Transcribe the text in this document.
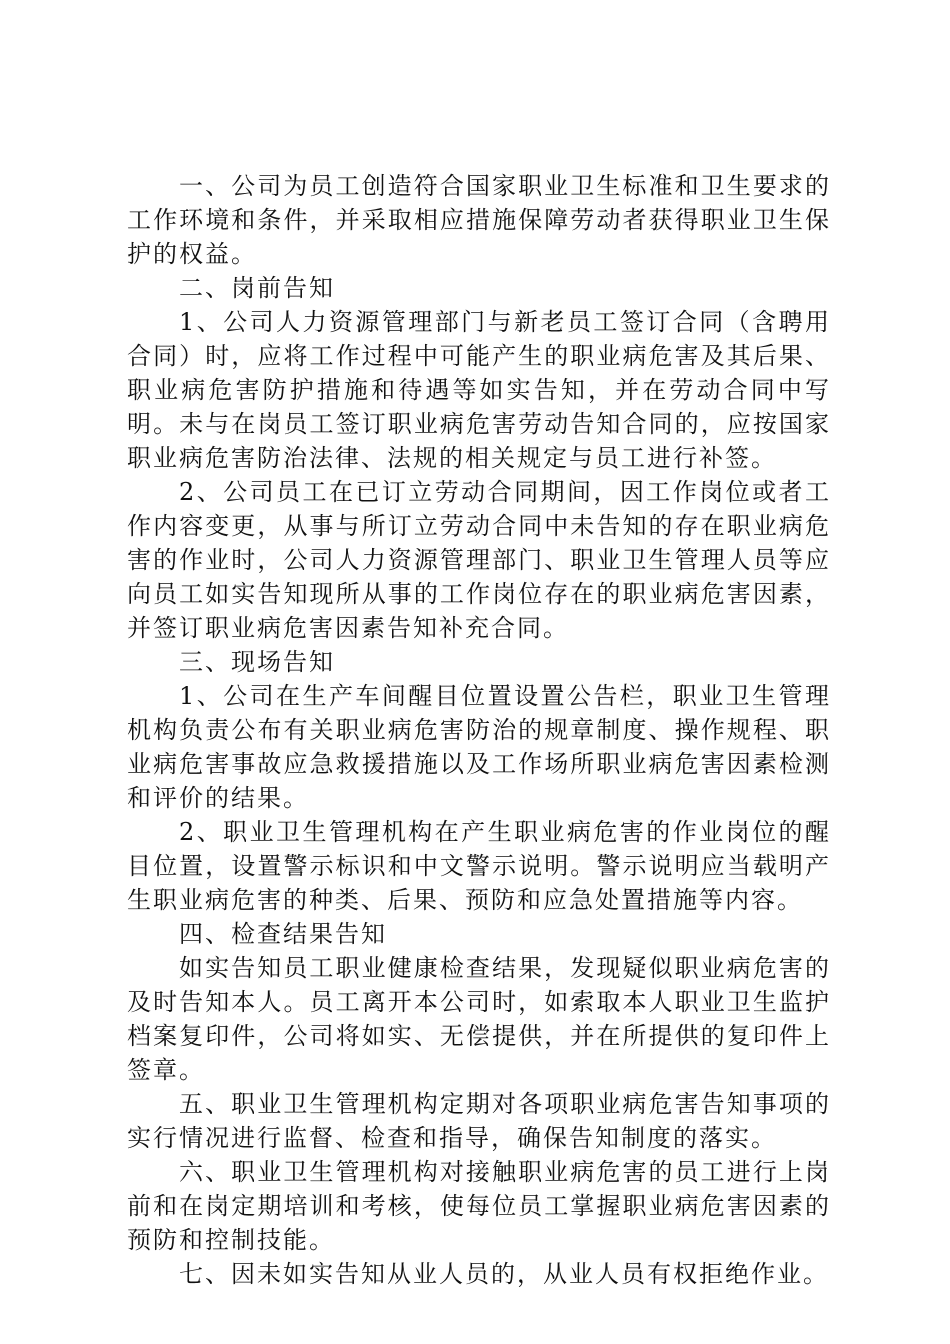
一、公司为员工创造符合国家职业卫生标准和卫生要求的工作环境和条件，并采取相应措施保障劳动者获得职业卫生保护的权益。

二、岗前告知

1、公司人力资源管理部门与新老员工签订合同（含聘用合同）时，应将工作过程中可能产生的职业病危害及其后果、职业病危害防护措施和待遇等如实告知，并在劳动合同中写明。未与在岗员工签订职业病危害劳动告知合同的，应按国家职业病危害防治法律、法规的相关规定与员工进行补签。

2、公司员工在已订立劳动合同期间，因工作岗位或者工作内容变更，从事与所订立劳动合同中未告知的存在职业病危害的作业时，公司人力资源管理部门、职业卫生管理人员等应向员工如实告知现所从事的工作岗位存在的职业病危害因素，并签订职业病危害因素告知补充合同。

三、现场告知

1、公司在生产车间醒目位置设置公告栏，职业卫生管理机构负责公布有关职业病危害防治的规章制度、操作规程、职业病危害事故应急救援措施以及工作场所职业病危害因素检测和评价的结果。

2、职业卫生管理机构在产生职业病危害的作业岗位的醒目位置，设置警示标识和中文警示说明。警示说明应当载明产生职业病危害的种类、后果、预防和应急处置措施等内容。

四、检查结果告知

如实告知员工职业健康检查结果，发现疑似职业病危害的及时告知本人。员工离开本公司时，如索取本人职业卫生监护档案复印件，公司将如实、无偿提供，并在所提供的复印件上签章。

五、职业卫生管理机构定期对各项职业病危害告知事项的实行情况进行监督、检查和指导，确保告知制度的落实。

六、职业卫生管理机构对接触职业病危害的员工进行上岗前和在岗定期培训和考核，使每位员工掌握职业病危害因素的预防和控制技能。

七、因未如实告知从业人员的，从业人员有权拒绝作业。
